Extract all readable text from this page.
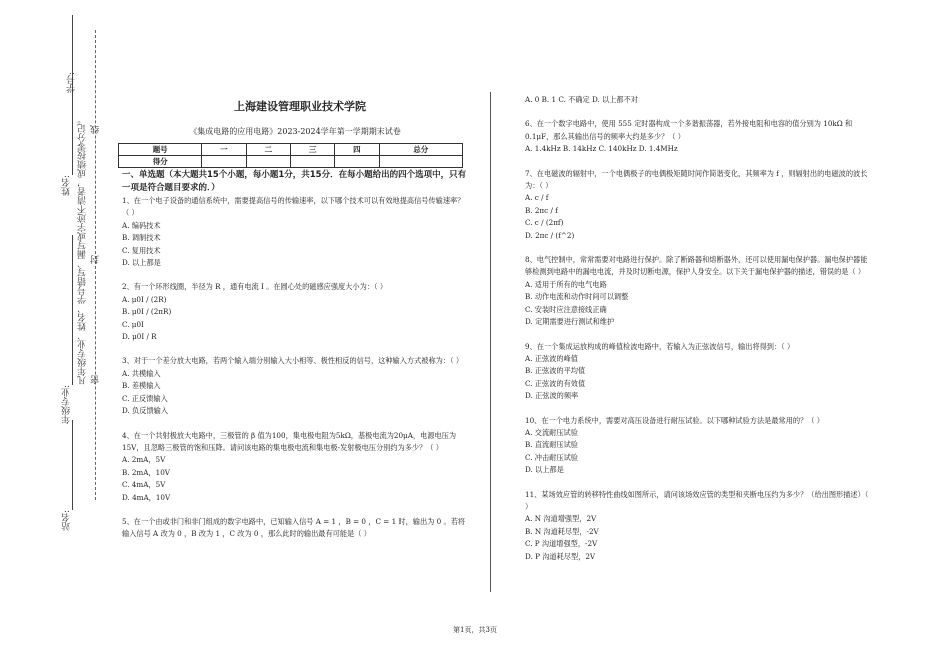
姓名:
年级专业:
站名:
凡年级专业、姓名、学号错写、漏写或字迹不清者，成绩按零分记。
学号:
线
封
密
上海建设管理职业技术学院
《集成电路的应用电路》2023-2024学年第一学期期末试卷
题号	一	二	三	四	总分
得分					
一、单选题（本大题共15个小题，每小题1分，共15分．在每小题给出的四个选项中，只有一项是符合题目要求的．）

1、在一个电子设备的通信系统中，需要提高信号的传输速率，以下哪个技术可以有效地提高信号传输速率？（ ）

A. 编码技术

B. 调制技术

C. 复用技术

D. 以上都是

2、有一个环形线圈，半径为 R ，通有电流 I 。在圆心处的磁感应强度大小为：（ ）

A. μ0I / (2R)

B. μ0I / (2πR)

C. μ0I

D. μ0I / R

3、对于一个差分放大电路，若两个输入端分别输入大小相等、极性相反的信号，这种输入方式被称为：（ ）

A. 共模输入

B. 差模输入

C. 正反馈输入

D. 负反馈输入

4、在一个共射极放大电路中，三极管的 β 值为100，集电极电阻为5kΩ，基极电流为20μA，电源电压为15V，且忽略三极管的饱和压降。请问该电路的集电极电流和集电极-发射极电压分别约为多少？（ ）

A. 2mA，5V

B. 2mA，10V

C. 4mA，5V

D. 4mA，10V

5、在一个由或非门和非门组成的数字电路中，已知输入信号 A = 1 ，B = 0 ，C = 1 时，输出为 0 。若将输入信号 A 改为 0 ，B 改为 1 ，C 改为 0 ，那么此时的输出最有可能是（ ）

A. 0 B. 1 C. 不确定 D. 以上都不对

6、在一个数字电路中，使用 555 定时器构成一个多谐振荡器，若外接电阻和电容的值分别为 10kΩ 和 0.1μF，那么其输出信号的频率大约是多少？（ ）

A. 1.4kHz B. 14kHz C. 140kHz D. 1.4MHz

7、在电磁波的辐射中，一个电偶极子的电偶极矩随时间作简谐变化，其频率为 f ，则辐射出的电磁波的波长为：（ ）

A. c / f

B. 2πc / f

C. c / (2πf)

D. 2πc / (f^2)

8、电气控制中，常常需要对电路进行保护。除了断路器和熔断器外，还可以使用漏电保护器。漏电保护器能够检测到电路中的漏电电流，并及时切断电源，保护人身安全。以下关于漏电保护器的描述，错误的是（ ）

A. 适用于所有的电气电路

B. 动作电流和动作时间可以调整

C. 安装时应注意接线正确

D. 定期需要进行测试和维护

9、在一个集成运放构成的峰值检波电路中，若输入为正弦波信号，输出将得到：（ ）

A. 正弦波的峰值

B. 正弦波的平均值

C. 正弦波的有效值

D. 正弦波的频率

10、在一个电力系统中，需要对高压设备进行耐压试验。以下哪种试验方法是最常用的？（ ）

A. 交流耐压试验

B. 直流耐压试验

C. 冲击耐压试验

D. 以上都是

11、某场效应管的转移特性曲线如图所示，请问该场效应管的类型和夹断电压约为多少？（给出图形描述）（ ）

A. N 沟道增强型，2V

B. N 沟道耗尽型，-2V

C. P 沟道增强型，-2V

D. P 沟道耗尽型，2V

第1页，共3页
